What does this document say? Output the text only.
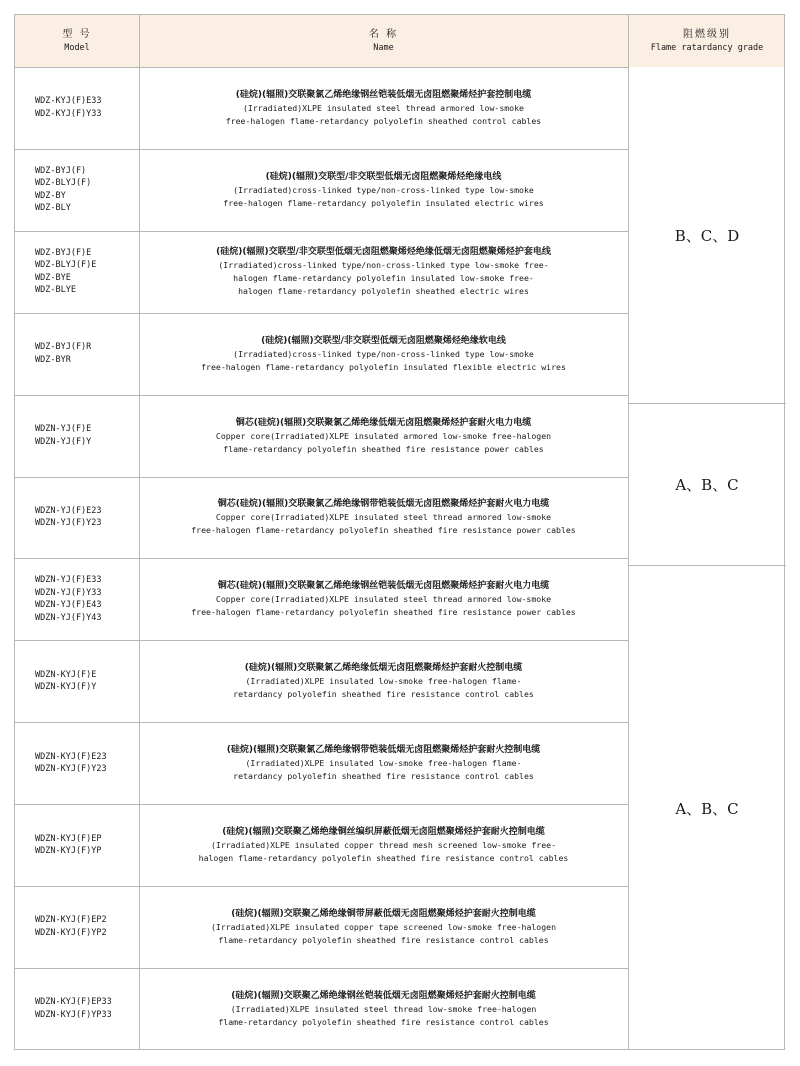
型 号
Model
名 称
Name
阻燃级别
Flame ratardancy grade
WDZ-KYJ(F)E33
WDZ-KYJ(F)Y33
(硅烷)(辐照)交联聚氯乙烯绝缘钢丝铠装低烟无卤阻燃聚烯烃护套控制电缆
(Irradiated)XLPE insulated steel thread armored low-smoke
free-halogen flame-retardancy polyolefin sheathed control cables
WDZ-BYJ(F)
WDZ-BLYJ(F)
WDZ-BY
WDZ-BLY
(硅烷)(辐照)交联型/非交联型低烟无卤阻燃聚烯烃绝缘电线
(Irradiated)cross-linked type/non-cross-linked type low-smoke
free-halogen flame-retardancy polyolefin insulated electric wires
WDZ-BYJ(F)E
WDZ-BLYJ(F)E
WDZ-BYE
WDZ-BLYE
(硅烷)(辐照)交联型/非交联型低烟无卤阻燃聚烯烃绝缘低烟无卤阻燃聚烯烃护套电线
(Irradiated)cross-linked type/non-cross-linked type low-smoke free-
halogen flame-retardancy polyolefin insulated low-smoke free-
halogen flame-retardancy polyolefin sheathed electric wires
WDZ-BYJ(F)R
WDZ-BYR
(硅烷)(辐照)交联型/非交联型低烟无卤阻燃聚烯烃绝缘软电线
(Irradiated)cross-linked type/non-cross-linked type low-smoke
free-halogen flame-retardancy polyolefin insulated flexible electric wires
WDZN-YJ(F)E
WDZN-YJ(F)Y
铜芯(硅烷)(辐照)交联聚氯乙烯绝缘低烟无卤阻燃聚烯烃护套耐火电力电缆
Copper core(Irradiated)XLPE insulated armored low-smoke free-halogen
flame-retardancy polyolefin sheathed fire resistance power cables
WDZN-YJ(F)E23
WDZN-YJ(F)Y23
铜芯(硅烷)(辐照)交联聚氯乙烯绝缘钢带铠装低烟无卤阻燃聚烯烃护套耐火电力电缆
Copper core(Irradiated)XLPE insulated steel thread armored low-smoke
free-halogen flame-retardancy polyolefin sheathed fire resistance power cables
WDZN-YJ(F)E33
WDZN-YJ(F)Y33
WDZN-YJ(F)E43
WDZN-YJ(F)Y43
铜芯(硅烷)(辐照)交联聚氯乙烯绝缘钢丝铠装低烟无卤阻燃聚烯烃护套耐火电力电缆
Copper core(Irradiated)XLPE insulated steel thread armored low-smoke
free-halogen flame-retardancy polyolefin sheathed fire resistance power cables
WDZN-KYJ(F)E
WDZN-KYJ(F)Y
(硅烷)(辐照)交联聚氯乙烯绝缘低烟无卤阻燃聚烯烃护套耐火控制电缆
(Irradiated)XLPE insulated low-smoke free-halogen flame-
retardancy polyolefin sheathed fire resistance control cables
WDZN-KYJ(F)E23
WDZN-KYJ(F)Y23
(硅烷)(辐照)交联聚氯乙烯绝缘钢带铠装低烟无卤阻燃聚烯烃护套耐火控制电缆
(Irradiated)XLPE insulated low-smoke free-halogen flame-
retardancy polyolefin sheathed fire resistance control cables
WDZN-KYJ(F)EP
WDZN-KYJ(F)YP
(硅烷)(辐照)交联聚乙烯绝缘铜丝编织屏蔽低烟无卤阻燃聚烯烃护套耐火控制电缆
(Irradiated)XLPE insulated copper thread mesh screened low-smoke free-
halogen flame-retardancy polyolefin sheathed fire resistance control cables
WDZN-KYJ(F)EP2
WDZN-KYJ(F)YP2
(硅烷)(辐照)交联聚乙烯绝缘铜带屏蔽低烟无卤阻燃聚烯烃护套耐火控制电缆
(Irradiated)XLPE insulated copper tape screened low-smoke free-halogen
flame-retardancy polyolefin sheathed fire resistance control cables
WDZN-KYJ(F)EP33
WDZN-KYJ(F)YP33
(硅烷)(辐照)交联聚乙烯绝缘钢丝铠装低烟无卤阻燃聚烯烃护套耐火控制电缆
(Irradiated)XLPE insulated steel thread low-smoke free-halogen
flame-retardancy polyolefin sheathed fire resistance control cables
B、C、D
A、B、C
A、B、C
